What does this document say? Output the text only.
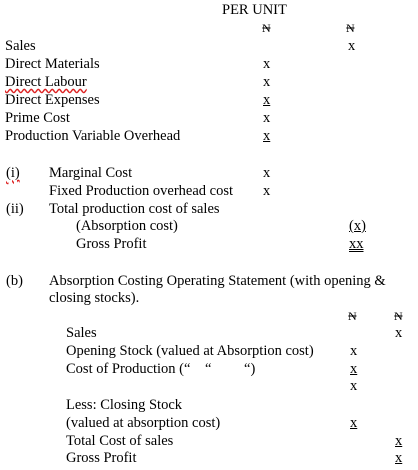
PER UNIT
₦	₦
Sales	x
Direct Materials	x
Direct Labour	x
Direct Expenses	x
Prime Cost	x
Production Variable Overhead	x
(i) Marginal Cost	x
Fixed Production overhead cost x
(ii) Total production cost of sales
(Absorption cost)	(x)
Gross Profit	xx
(b) Absorption Costing Operating Statement (with opening &
closing stocks).
₦	₦
Sales	x
Opening Stock (valued at Absorption cost)	x
Cost of Production (“    “         “)	x
x
Less: Closing Stock
(valued at absorption cost)	x
Total Cost of sales	x
Gross Profit	x
